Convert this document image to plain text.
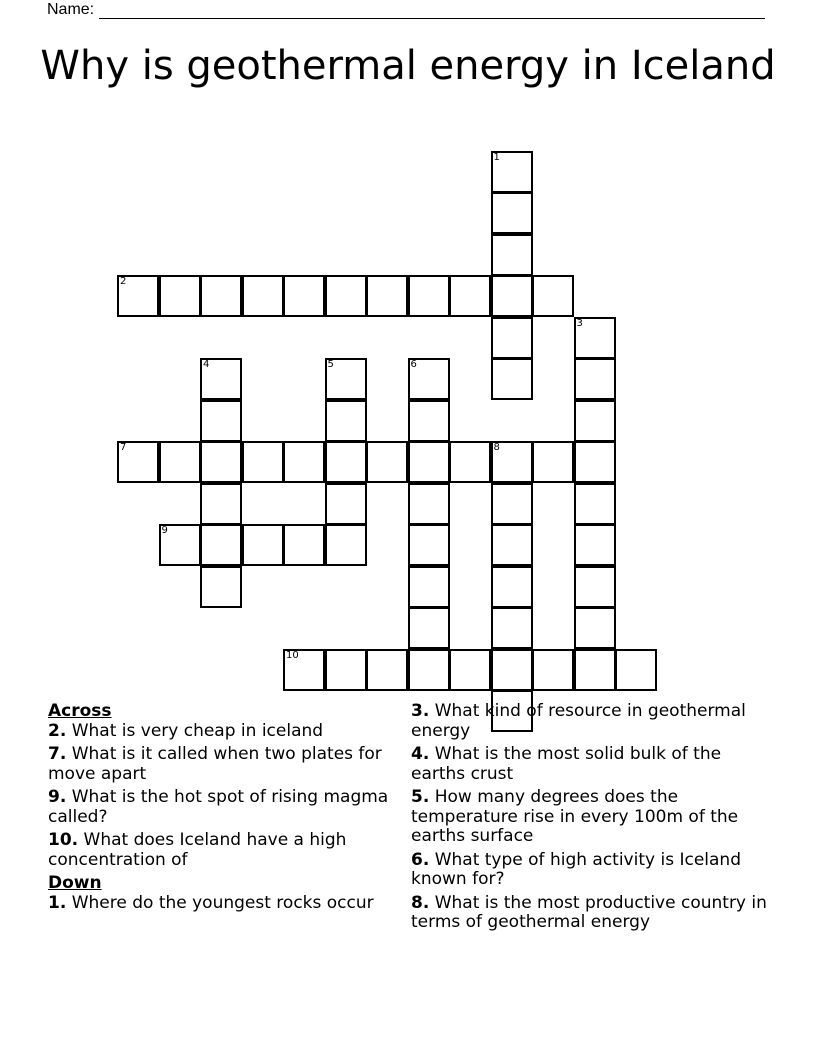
Name:
Why is geothermal energy in Iceland
1
2
3
4	5	6
7	8
9
10
Across
2. What is very cheap in iceland
7. What is it called when two plates for move apart
9. What is the hot spot of rising magma called?
10. What does Iceland have a high concentration of
Down
1. Where do the youngest rocks occur
3. What kind of resource in geothermal energy
4. What is the most solid bulk of the earths crust
5. How many degrees does the temperature rise in every 100m of the earths surface
6. What type of high activity is Iceland known for?
8. What is the most productive country in terms of geothermal energy
